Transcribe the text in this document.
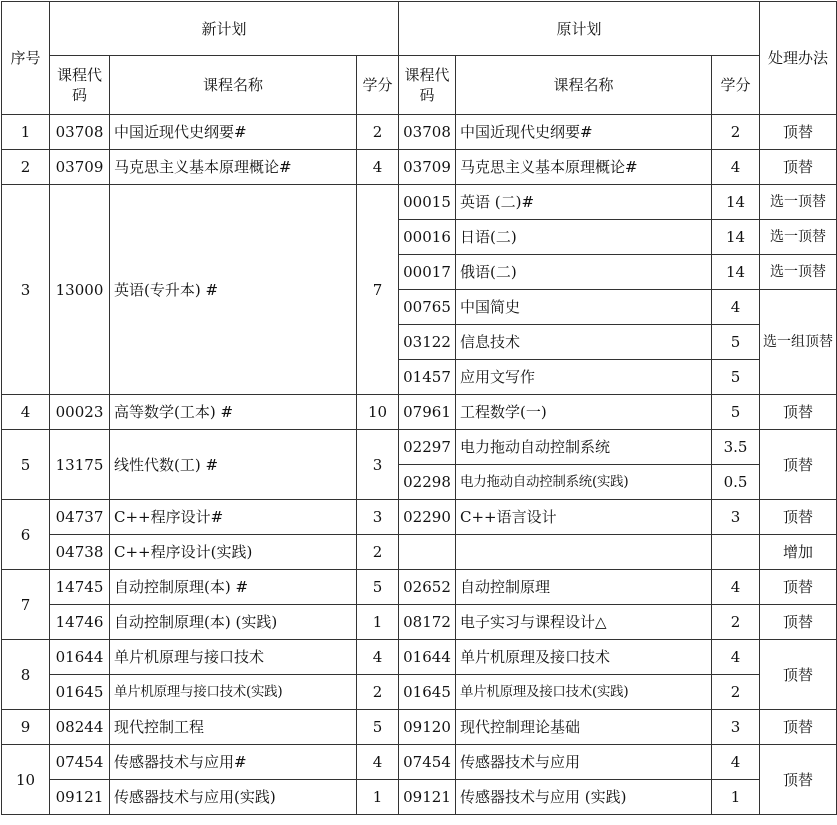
序号	新计划			原计划			处理办法
	课程代码	课程名称	学分	课程代码	课程名称	学分	
1	03708	中国近现代史纲要#	2	03708	中国近现代史纲要#	2	顶替
2	03709	马克思主义基本原理概论#	4	03709	马克思主义基本原理概论#	4	顶替
3	13000	英语(专升本) #	7	00015	英语 (二)#	14	选一顶替
				00016	日语(二)	14	选一顶替
				00017	俄语(二)	14	选一顶替
				00765	中国简史	4	选一组顶替
				03122	信息技术	5	
				01457	应用文写作	5	
4	00023	高等数学(工本) #	10	07961	工程数学(一)	5	顶替
5	13175	线性代数(工) #	3	02297	电力拖动自动控制系统	3.5	顶替
				02298	电力拖动自动控制系统(实践)	0.5	
6	04737	C++程序设计#	3	02290	C++语言设计	3	顶替
	04738	C++程序设计(实践)	2				增加
7	14745	自动控制原理(本) #	5	02652	自动控制原理	4	顶替
	14746	自动控制原理(本) (实践)	1	08172	电子实习与课程设计△	2	顶替
8	01644	单片机原理与接口技术	4	01644	单片机原理及接口技术	4	顶替
	01645	单片机原理与接口技术(实践)	2	01645	单片机原理及接口技术(实践)	2	
9	08244	现代控制工程	5	09120	现代控制理论基础	3	顶替
10	07454	传感器技术与应用#	4	07454	传感器技术与应用	4	顶替
	09121	传感器技术与应用(实践)	1	09121	传感器技术与应用 (实践)	1	
